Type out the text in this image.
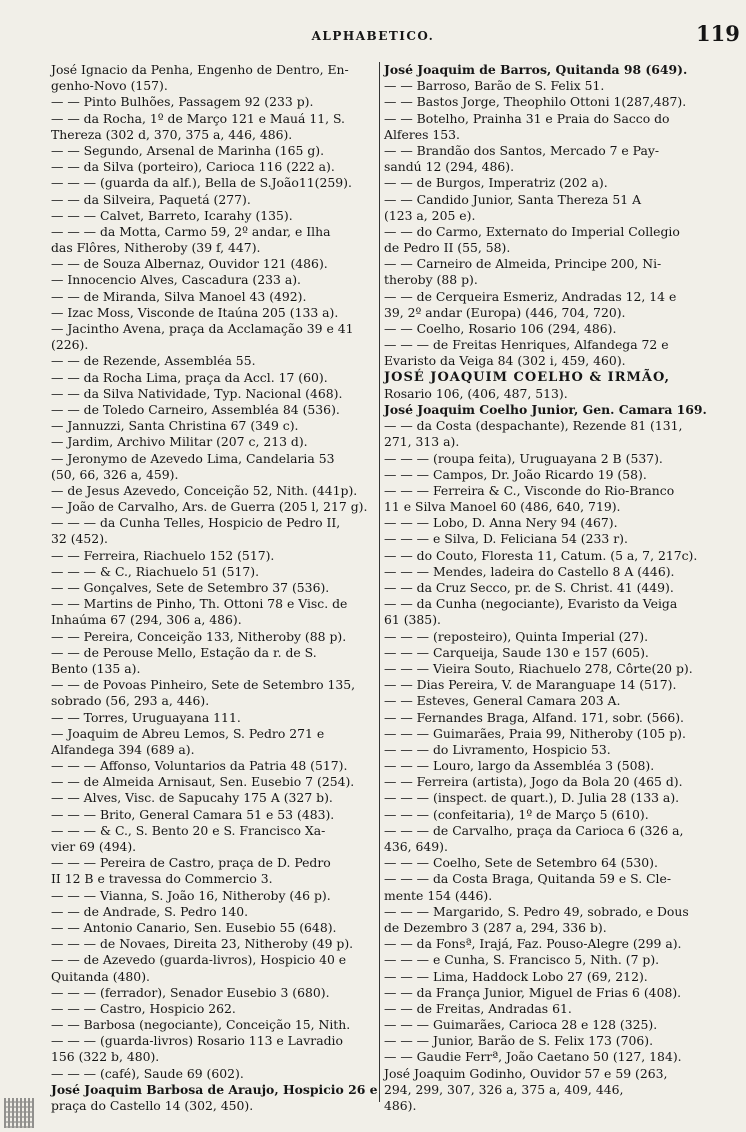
ALPHABETICO.	119
José Ignacio da Penha, Engenho de Dentro, En-
genho-Novo (157).
— — Pinto Bulhões, Passagem 92 (233 p).
— — da Rocha, 1º de Março 121 e Mauá 11, S.
Thereza (302 d, 370, 375 a, 446, 486).
— — Segundo, Arsenal de Marinha (165 g).
— — da Silva (porteiro), Carioca 116 (222 a).
— — — (guarda da alf.), Bella de S.João11(259).
— — da Silveira, Paquetá (277).
— — — Calvet, Barreto, Icarahy (135).
— — — da Motta, Carmo 59, 2º andar, e Ilha
das Flôres, Nitheroby (39 f, 447).
— — de Souza Albernaz, Ouvidor 121 (486).
— Innocencio Alves, Cascadura (233 a).
— — de Miranda, Silva Manoel 43 (492).
— Izac Moss, Visconde de Itaúna 205 (133 a).
— Jacintho Avena, praça da Acclamação 39 e 41
(226).
— — de Rezende, Assembléa 55.
— — da Rocha Lima, praça da Accl. 17 (60).
— — da Silva Natividade, Typ. Nacional (468).
— — de Toledo Carneiro, Assembléa 84 (536).
— Jannuzzi, Santa Christina 67 (349 c).
— Jardim, Archivo Militar (207 c, 213 d).
— Jeronymo de Azevedo Lima, Candelaria 53
(50, 66, 326 a, 459).
— de Jesus Azevedo, Conceição 52, Nith. (441p).
— João de Carvalho, Ars. de Guerra (205 l, 217 g).
— — — da Cunha Telles, Hospicio de Pedro II,
32 (452).
— — Ferreira, Riachuelo 152 (517).
— — — & C., Riachuelo 51 (517).
— — Gonçalves, Sete de Setembro 37 (536).
— — Martins de Pinho, Th. Ottoni 78 e Visc. de
Inhaúma 67 (294, 306 a, 486).
— — Pereira, Conceição 133, Nitheroby (88 p).
— — de Perouse Mello, Estação da r. de S.
Bento (135 a).
— — de Povoas Pinheiro, Sete de Setembro 135,
sobrado (56, 293 a, 446).
— — Torres, Uruguayana 111.
— Joaquim de Abreu Lemos, S. Pedro 271 e
Alfandega 394 (689 a).
— — — Affonso, Voluntarios da Patria 48 (517).
— — de Almeida Arnisaut, Sen. Eusebio 7 (254).
— — Alves, Visc. de Sapucahy 175 A (327 b).
— — — Brito, General Camara 51 e 53 (483).
— — — & C., S. Bento 20 e S. Francisco Xa-
vier 69 (494).
— — — Pereira de Castro, praça de D. Pedro
II 12 B e travessa do Commercio 3.
— — — Vianna, S. João 16, Nitheroby (46 p).
— — de Andrade, S. Pedro 140.
— — Antonio Canario, Sen. Eusebio 55 (648).
— — — de Novaes, Direita 23, Nitheroby (49 p).
— — de Azevedo (guarda-livros), Hospicio 40 e
Quitanda (480).
— — — (ferrador), Senador Eusebio 3 (680).
— — — Castro, Hospicio 262.
— — Barbosa (negociante), Conceição 15, Nith.
— — — (guarda-livros) Rosario 113 e Lavradio
156 (322 b, 480).
— — — (café), Saude 69 (602).
José Joaquim Barbosa de Araujo, Hospicio 26 e
praça do Castello 14 (302, 450).
José Joaquim de Barros, Quitanda 98 (649).
— — Barroso, Barão de S. Felix 51.
— — Bastos Jorge, Theophilo Ottoni 1(287,487).
— — Botelho, Prainha 31 e Praia do Sacco do
Alferes 153.
— — Brandão dos Santos, Mercado 7 e Pay-
sandú 12 (294, 486).
— — de Burgos, Imperatriz (202 a).
— — Candido Junior, Santa Thereza 51 A
(123 a, 205 e).
— — do Carmo, Externato do Imperial Collegio
de Pedro II (55, 58).
— — Carneiro de Almeida, Principe 200, Ni-
theroby (88 p).
— — de Cerqueira Esmeriz, Andradas 12, 14 e
39, 2º andar (Europa) (446, 704, 720).
— — Coelho, Rosario 106 (294, 486).
— — — de Freitas Henriques, Alfandega 72 e
Evaristo da Veiga 84 (302 i, 459, 460).
JOSÉ JOAQUIM COELHO & IRMÃO,
Rosario 106, (406, 487, 513).
José Joaquim Coelho Junior, Gen. Camara 169.
— — da Costa (despachante), Rezende 81 (131,
271, 313 a).
— — — (roupa feita), Uruguayana 2 B (537).
— — — Campos, Dr. João Ricardo 19 (58).
— — — Ferreira & C., Visconde do Rio-Branco
11 e Silva Manoel 60 (486, 640, 719).
— — — Lobo, D. Anna Nery 94 (467).
— — — e Silva, D. Feliciana 54 (233 r).
— — do Couto, Floresta 11, Catum. (5 a, 7, 217c).
— — — Mendes, ladeira do Castello 8 A (446).
— — da Cruz Secco, pr. de S. Christ. 41 (449).
— — da Cunha (negociante), Evaristo da Veiga
61 (385).
— — — (reposteiro), Quinta Imperial (27).
— — — Carqueija, Saude 130 e 157 (605).
— — — Vieira Souto, Riachuelo 278, Côrte(20 p).
— — Dias Pereira, V. de Maranguape 14 (517).
— — Esteves, General Camara 203 A.
— — Fernandes Braga, Alfand. 171, sobr. (566).
— — — Guimarães, Praia 99, Nitheroby (105 p).
— — — do Livramento, Hospicio 53.
— — — Louro, largo da Assembléa 3 (508).
— — Ferreira (artista), Jogo da Bola 20 (465 d).
— — — (inspect. de quart.), D. Julia 28 (133 a).
— — — (confeitaria), 1º de Março 5 (610).
— — — de Carvalho, praça da Carioca 6 (326 a,
436, 649).
— — — Coelho, Sete de Setembro 64 (530).
— — — da Costa Braga, Quitanda 59 e S. Cle-
mente 154 (446).
— — — Margarido, S. Pedro 49, sobrado, e Dous
de Dezembro 3 (287 a, 294, 336 b).
— — da Fonsª, Irajá, Faz. Pouso-Alegre (299 a).
— — — e Cunha, S. Francisco 5, Nith. (7 p).
— — — Lima, Haddock Lobo 27 (69, 212).
— — da França Junior, Miguel de Frias 6 (408).
— — de Freitas, Andradas 61.
— — — Guimarães, Carioca 28 e 128 (325).
— — — Junior, Barão de S. Felix 173 (706).
— — Gaudie Ferrª, João Caetano 50 (127, 184).
José Joaquim Godinho, Ouvidor 57 e 59 (263,
294, 299, 307, 326 a, 375 a, 409, 446,
486).
